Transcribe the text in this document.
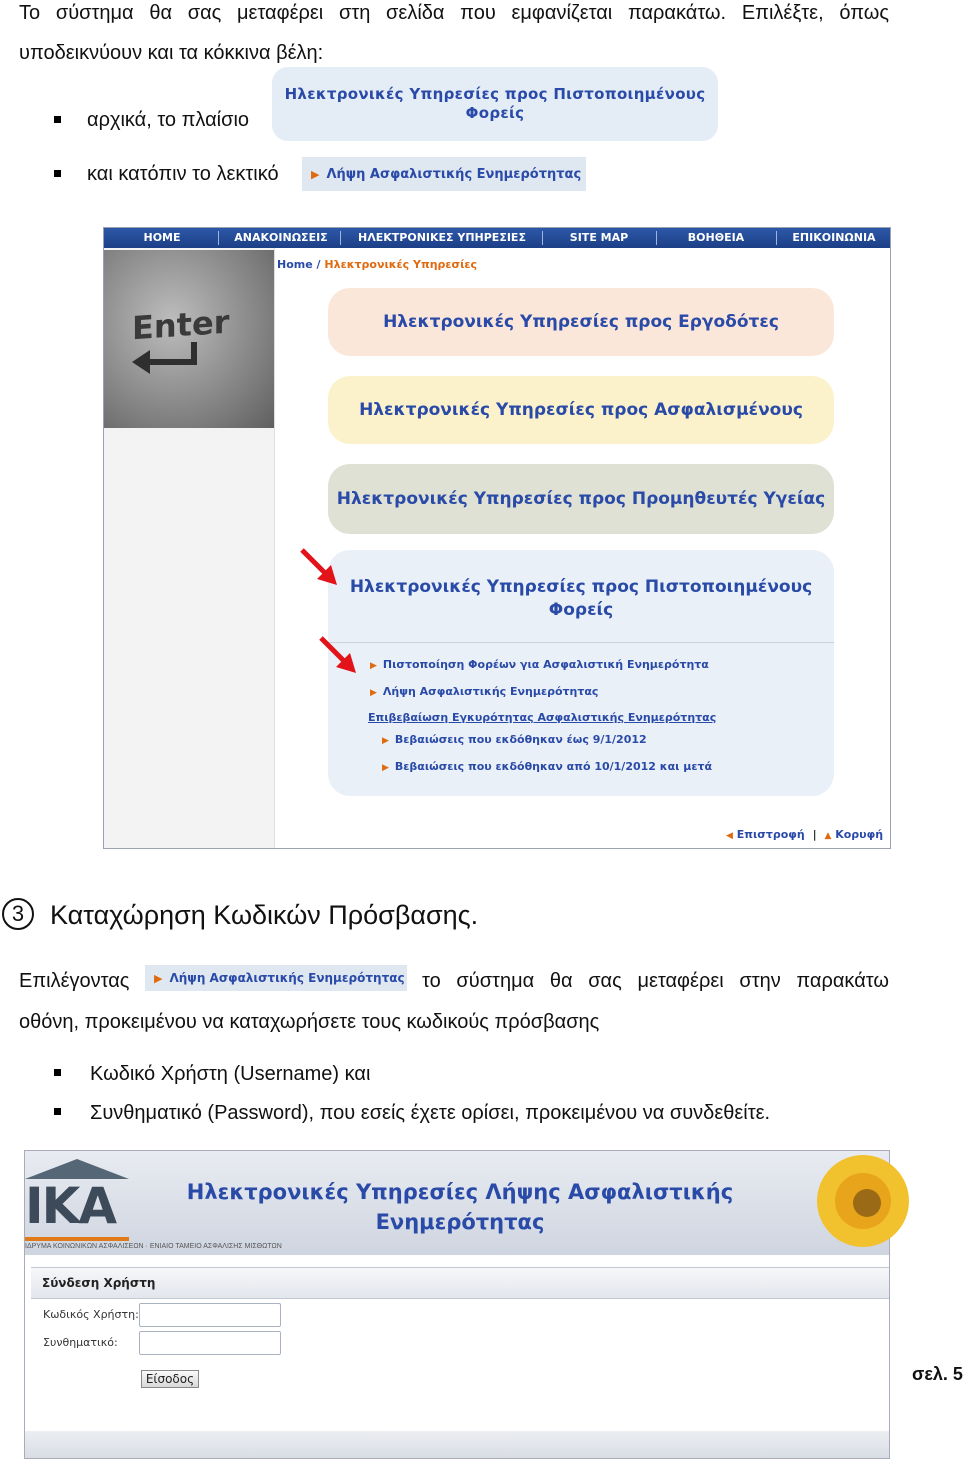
Το σύστημα θα σας μεταφέρει στη σελίδα που εμφανίζεται παρακάτω. Επιλέξτε, όπως
υποδεικνύουν και τα κόκκινα βέλη:
αρχικά, το πλαίσιο
και κατόπιν το λεκτικό
Ηλεκτρονικές Υπηρεσίες προς Πιστοποιημένους
Φορείς
▶ Λήψη Ασφαλιστικής Ενημερότητας
HOME	ΑΝΑΚΟΙΝΩΣΕΙΣ	ΗΛΕΚΤΡΟΝΙΚΕΣ ΥΠΗΡΕΣΙΕΣ	SITE MAP	ΒΟΗΘΕΙΑ	ΕΠΙΚΟΙΝΩΝΙΑ
Enter
Home / Ηλεκτρονικές Υπηρεσίες
Ηλεκτρονικές Υπηρεσίες προς Εργοδότες
Ηλεκτρονικές Υπηρεσίες προς Ασφαλισμένους
Ηλεκτρονικές Υπηρεσίες προς Προμηθευτές Υγείας
Ηλεκτρονικές Υπηρεσίες προς Πιστοποιημένους
Φορείς
▶ Πιστοποίηση Φορέων για Ασφαλιστική Ενημερότητα
▶ Λήψη Ασφαλιστικής Ενημερότητας
Επιβεβαίωση Εγκυρότητας Ασφαλιστικής Ενημερότητας
▶ Βεβαιώσεις που εκδόθηκαν έως 9/1/2012
▶ Βεβαιώσεις που εκδόθηκαν από 10/1/2012 και μετά
◀ Επιστροφή | ▲ Κορυφή
3 Καταχώρηση Κωδικών Πρόσβασης.
Επιλέγοντας ▶ Λήψη Ασφαλιστικής Ενημερότητας το σύστημα θα σας μεταφέρει στην παρακάτω
οθόνη, προκειμένου να καταχωρήσετε τους κωδικούς πρόσβασης
Κωδικό Χρήστη (Username) και
Συνθηματικό (Password), που εσείς έχετε ορίσει, προκειμένου να συνδεθείτε.
ΙΚΑ
ΙΔΡΥΜΑ ΚΟΙΝΩΝΙΚΩΝ ΑΣΦΑΛΙΣΕΩΝ · ΕΝΙΑΙΟ ΤΑΜΕΙΟ ΑΣΦΑΛΙΣΗΣ ΜΙΣΘΩΤΩΝ
Ηλεκτρονικές Υπηρεσίες Λήψης Ασφαλιστικής
Ενημερότητας
Σύνδεση Χρήστη
Κωδικός Χρήστη:
Συνθηματικό:
Είσοδος	σελ. 5
